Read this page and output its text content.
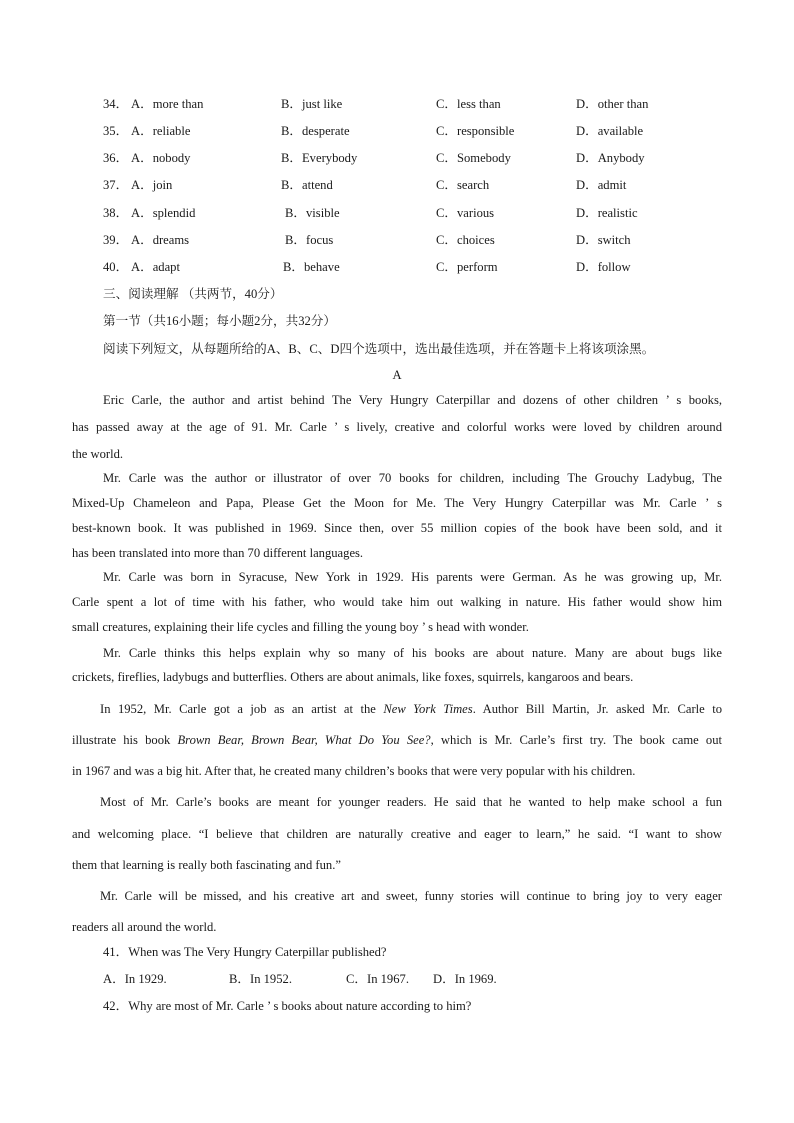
34． A．more than	B．just like	C．less than	D．other than
35． A．reliable	B．desperate	C．responsible	D．available
36． A．nobody	B．Everybody	C．Somebody	D．Anybody
37． A．join	B．attend	C．search	D．admit
38． A．splendid	B．visible	C．various	D．realistic
39． A．dreams	B．focus	C．choices	D．switch
40． A．adapt	B．behave	C．perform	D．follow
三、阅读理解 （共两节，40分）
第一节（共16小题；每小题2分，共32分）
阅读下列短文，从每题所给的A、B、C、D四个选项中，选出最佳选项，并在答题卡上将该项涂黑。
A
Eric Carle, the author and artist behind The Very Hungry Caterpillar and dozens of other children ’ s books,
has passed away at the age of 91. Mr. Carle ’ s lively, creative and colorful works were loved by children around
the world.
Mr. Carle was the author or illustrator of over 70 books for children, including The Grouchy Ladybug, The
Mixed-Up Chameleon and Papa, Please Get the Moon for Me. The Very Hungry Caterpillar was Mr. Carle ’ s
best-known book. It was published in 1969. Since then, over 55 million copies of the book have been sold, and it
has been translated into more than 70 different languages.
Mr. Carle was born in Syracuse, New York in 1929. His parents were German. As he was growing up, Mr.
Carle spent a lot of time with his father, who would take him out walking in nature. His father would show him
small creatures, explaining their life cycles and filling the young boy ’ s head with wonder.
Mr. Carle thinks this helps explain why so many of his books are about nature. Many are about bugs like
crickets, fireflies, ladybugs and butterflies. Others are about animals, like foxes, squirrels, kangaroos and bears.
In 1952, Mr. Carle got a job as an artist at the New York Times. Author Bill Martin, Jr. asked Mr. Carle to
illustrate his book Brown Bear, Brown Bear, What Do You See?, which is Mr. Carle’s first try. The book came out
in 1967 and was a big hit. After that, he created many children’s books that were very popular with his children.
Most of Mr. Carle’s books are meant for younger readers. He said that he wanted to help make school a fun
and welcoming place. “I believe that children are naturally creative and eager to learn,” he said. “I want to show
them that learning is really both fascinating and fun.”
Mr. Carle will be missed, and his creative art and sweet, funny stories will continue to bring joy to very eager
readers all around the world.
41．When was The Very Hungry Caterpillar published?
A．In 1929.	B．In 1952.	C．In 1967. D．In 1969.
42．Why are most of Mr. Carle ’ s books about nature according to him?
